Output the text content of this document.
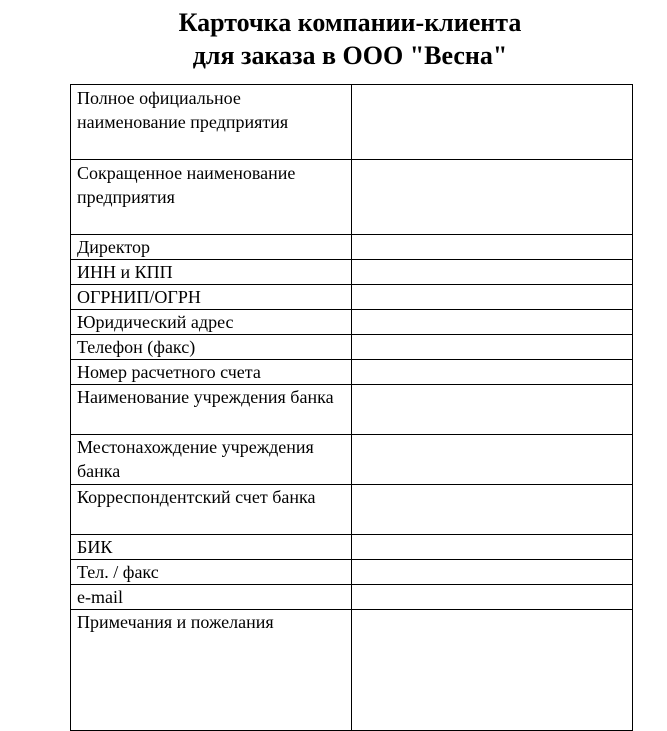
Карточка компании-клиента
для заказа в ООО "Весна"
Полное официальное наименование предприятия	
Сокращенное наименование предприятия	
Директор	
ИНН и КПП	
ОГРНИП/ОГРН	
Юридический адрес	
Телефон (факс)	
Номер расчетного счета	
Наименование учреждения банка	
Местонахождение учреждения банка	
Корреспондентский счет банка	
БИК	
Тел. / факс	
e-mail	
Примечания и пожелания	
